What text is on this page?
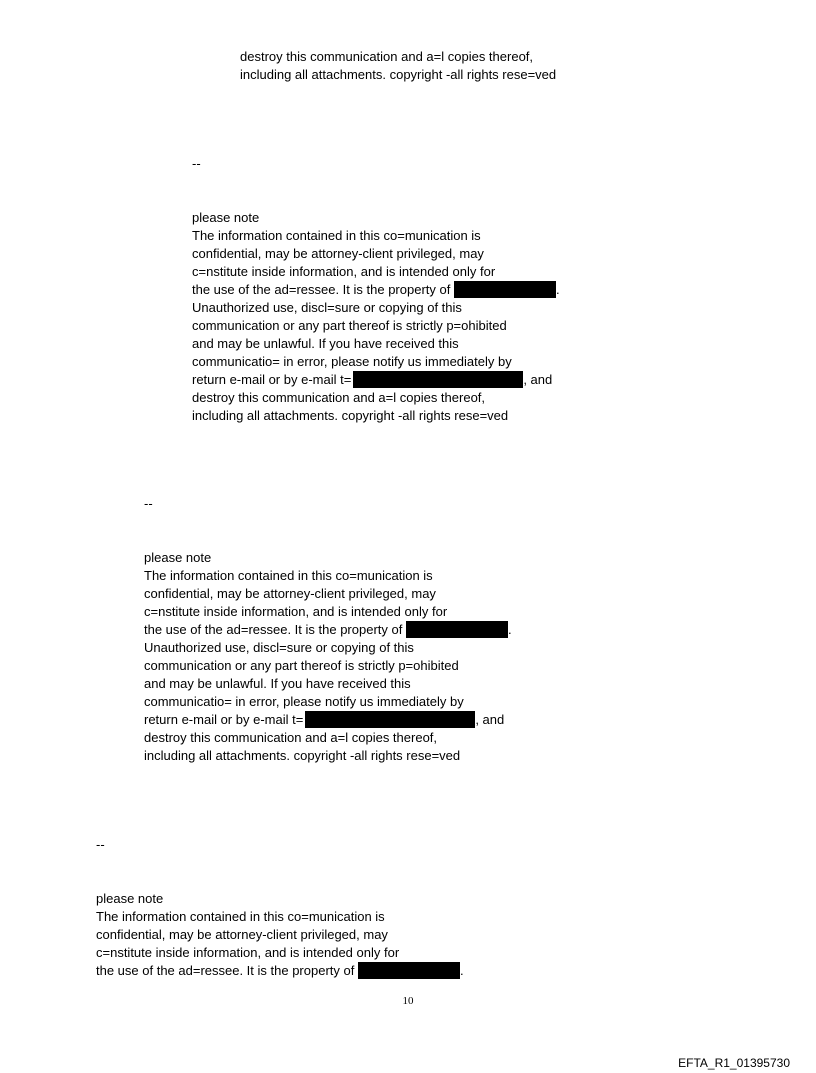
destroy this communication and a=l copies thereof,
including all attachments. copyright -all rights rese=ved
--
please note
The information contained in this co=munication is
confidential, may be attorney-client privileged, may
c=nstitute inside information, and is intended only for
the use of the ad=ressee. It is the property of	.
Unauthorized use, discl=sure or copying of this
communication or any part thereof is strictly p=ohibited
and may be unlawful. If you have received this
communicatio= in error, please notify us immediately by
return e-mail or by e-mail t=	, and
destroy this communication and a=l copies thereof,
including all attachments. copyright -all rights rese=ved
--
please note
The information contained in this co=munication is
confidential, may be attorney-client privileged, may
c=nstitute inside information, and is intended only for
the use of the ad=ressee. It is the property of	.
Unauthorized use, discl=sure or copying of this
communication or any part thereof is strictly p=ohibited
and may be unlawful. If you have received this
communicatio= in error, please notify us immediately by
return e-mail or by e-mail t=	, and
destroy this communication and a=l copies thereof,
including all attachments. copyright -all rights rese=ved
--
please note
The information contained in this co=munication is
confidential, may be attorney-client privileged, may
c=nstitute inside information, and is intended only for
the use of the ad=ressee. It is the property of	.
10
EFTA_R1_01395730
